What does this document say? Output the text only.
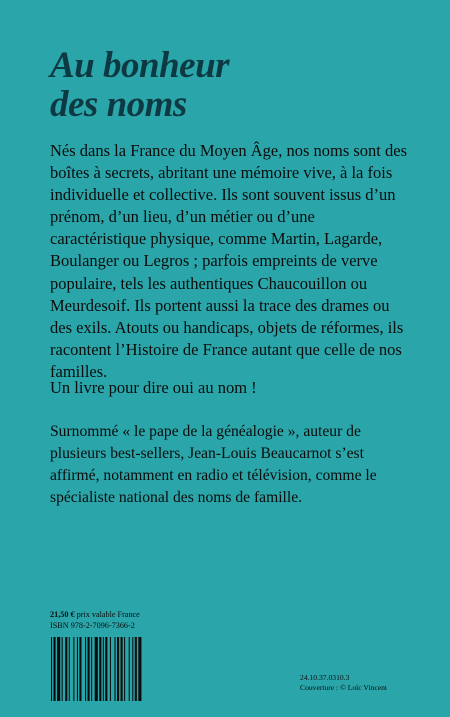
Au bonheur
des noms

Nés dans la France du Moyen Âge, nos noms sont des boîtes à secrets, abritant une mémoire vive, à la fois individuelle et collective. Ils sont souvent issus d’un prénom, d’un lieu, d’un métier ou d’une caractéristique physique, comme Martin, Lagarde, Boulanger ou Legros ; parfois empreints de verve populaire, tels les authentiques Chaucouillon ou Meurdesoif. Ils portent aussi la trace des drames ou des exils. Atouts ou handicaps, objets de réformes, ils racontent l’Histoire de France autant que celle de nos familles.

Un livre pour dire oui au nom !
Surnommé « le pape de la généalogie », auteur de plusieurs best-sellers, Jean-Louis Beaucarnot s’est affirmé, notamment en radio et télévision, comme le spécialiste national des noms de famille.
21,50 € prix valable France
ISBN 978-2-7096-7366-2
24.10.37.0310.3
Couverture : © Loïc Vincent
